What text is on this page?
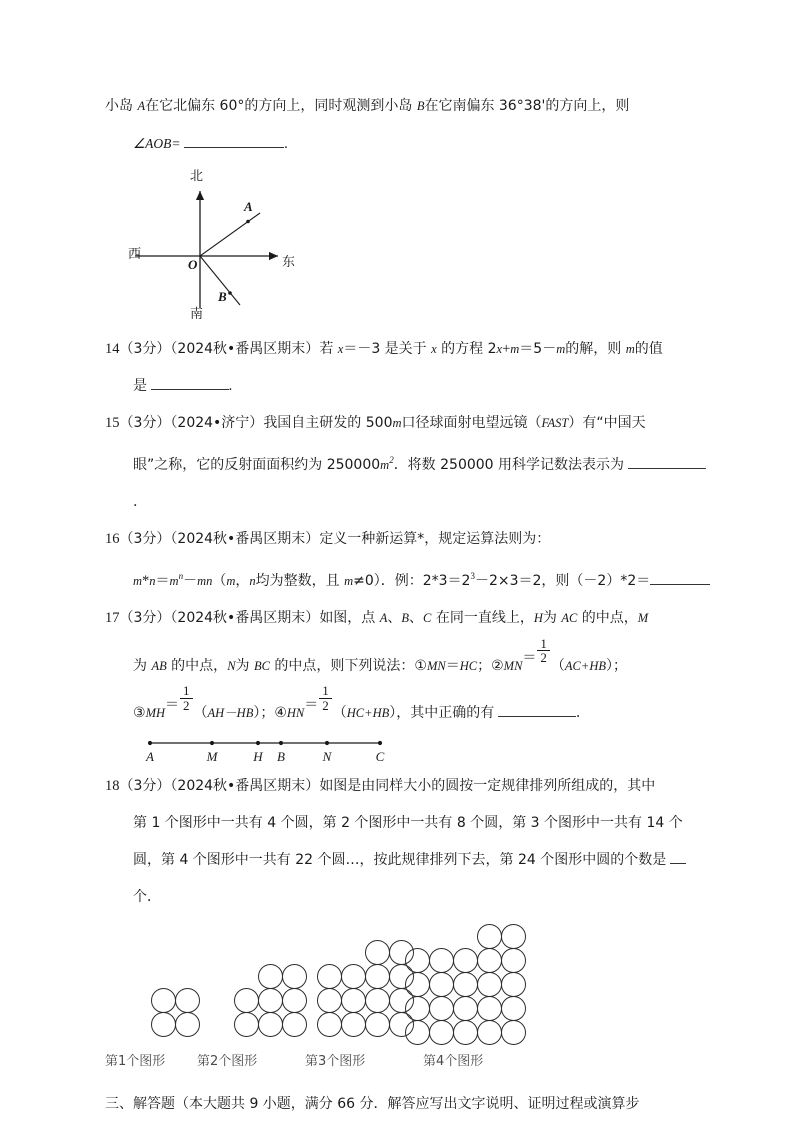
小岛 A在它北偏东 60°的方向上，同时观测到小岛 B在它南偏东 36°38'的方向上，则
∠AOB=	.
北
南
西
东
O
A
B
14（3分）（2024秋•番禺区期末）若 x＝－3 是关于 x 的方程 2x+m＝5－m的解，则 m的值
是	.
15（3分）（2024•济宁）我国自主研发的 500m口径球面射电望远镜（FAST）有“中国天
眼”之称，它的反射面面积约为 $250000m^2$．将数 250000 用科学记数法表示为
．
16（3分）（2024秋•番禺区期末）定义一种新运算*，规定运算法则为：
$m*n=m^n-mn(m$，n均为整数，且 m≠0）．例：$2*3=2^3-2\times 3=2$，则（－2）*2＝
17（3分）（2024秋•番禺区期末）如图，点 A、B、C 在同一直线上，H为 AC 的中点，M
为 AB 的中点，N为 BC 的中点，则下列说法：①MN＝HC；②MN＝ $\frac{1}{2}$
（AC+HB）；
③MH＝ $\frac{1}{2}$
（AH－HB）；④HN＝ $\frac{1}{2}$
（HC+HB），其中正确的有	．
A	M	H B	N	C
18（3分）（2024秋•番禺区期末）如图是由同样大小的圆按一定规律排列所组成的，其中
第 1 个图形中一共有 4 个圆，第 2 个图形中一共有 8 个圆，第 3 个图形中一共有 14 个
圆，第 4 个图形中一共有 22 个圆…，按此规律排列下去，第 24 个图形中圆的个数是
个．
第1个图形 第2个图形	第3个图形	第4个图形
三、解答题（本大题共 9 小题，满分 66 分．解答应写出文字说明、证明过程或演算步
